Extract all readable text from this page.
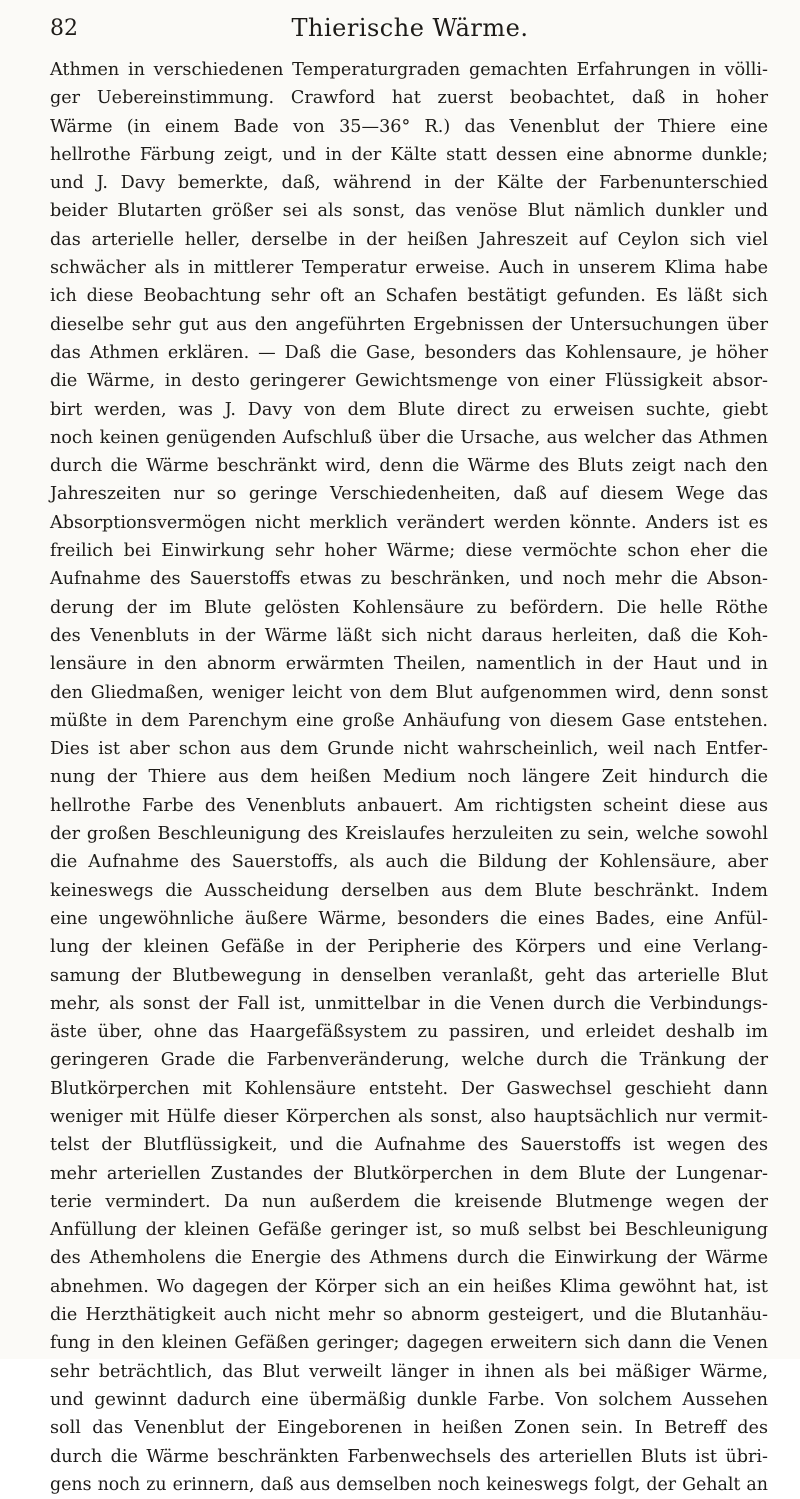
82	Thierische Wärme.
Athmen in verschiedenen Temperaturgraden gemachten Erfahrungen in völli-
ger Uebereinstimmung. Crawford hat zuerst beobachtet, daß in hoher
Wärme (in einem Bade von 35—36° R.) das Venenblut der Thiere eine
hellrothe Färbung zeigt, und in der Kälte statt dessen eine abnorme dunkle;
und J. Davy bemerkte, daß, während in der Kälte der Farbenunterschied
beider Blutarten größer sei als sonst, das venöse Blut nämlich dunkler und
das arterielle heller, derselbe in der heißen Jahreszeit auf Ceylon sich viel
schwächer als in mittlerer Temperatur erweise. Auch in unserem Klima habe
ich diese Beobachtung sehr oft an Schafen bestätigt gefunden. Es läßt sich
dieselbe sehr gut aus den angeführten Ergebnissen der Untersuchungen über
das Athmen erklären. — Daß die Gase, besonders das Kohlensaure, je höher
die Wärme, in desto geringerer Gewichtsmenge von einer Flüssigkeit absor-
birt werden, was J. Davy von dem Blute direct zu erweisen suchte, giebt
noch keinen genügenden Aufschluß über die Ursache, aus welcher das Athmen
durch die Wärme beschränkt wird, denn die Wärme des Bluts zeigt nach den
Jahreszeiten nur so geringe Verschiedenheiten, daß auf diesem Wege das
Absorptionsvermögen nicht merklich verändert werden könnte. Anders ist es
freilich bei Einwirkung sehr hoher Wärme; diese vermöchte schon eher die
Aufnahme des Sauerstoffs etwas zu beschränken, und noch mehr die Abson-
derung der im Blute gelösten Kohlensäure zu befördern. Die helle Röthe
des Venenbluts in der Wärme läßt sich nicht daraus herleiten, daß die Koh-
lensäure in den abnorm erwärmten Theilen, namentlich in der Haut und in
den Gliedmaßen, weniger leicht von dem Blut aufgenommen wird, denn sonst
müßte in dem Parenchym eine große Anhäufung von diesem Gase entstehen.
Dies ist aber schon aus dem Grunde nicht wahrscheinlich, weil nach Entfer-
nung der Thiere aus dem heißen Medium noch längere Zeit hindurch die
hellrothe Farbe des Venenbluts anbauert. Am richtigsten scheint diese aus
der großen Beschleunigung des Kreislaufes herzuleiten zu sein, welche sowohl
die Aufnahme des Sauerstoffs, als auch die Bildung der Kohlensäure, aber
keineswegs die Ausscheidung derselben aus dem Blute beschränkt. Indem
eine ungewöhnliche äußere Wärme, besonders die eines Bades, eine Anfül-
lung der kleinen Gefäße in der Peripherie des Körpers und eine Verlang-
samung der Blutbewegung in denselben veranlaßt, geht das arterielle Blut
mehr, als sonst der Fall ist, unmittelbar in die Venen durch die Verbindungs-
äste über, ohne das Haargefäßsystem zu passiren, und erleidet deshalb im
geringeren Grade die Farbenveränderung, welche durch die Tränkung der
Blutkörperchen mit Kohlensäure entsteht. Der Gaswechsel geschieht dann
weniger mit Hülfe dieser Körperchen als sonst, also hauptsächlich nur vermit-
telst der Blutflüssigkeit, und die Aufnahme des Sauerstoffs ist wegen des
mehr arteriellen Zustandes der Blutkörperchen in dem Blute der Lungenar-
terie vermindert. Da nun außerdem die kreisende Blutmenge wegen der
Anfüllung der kleinen Gefäße geringer ist, so muß selbst bei Beschleunigung
des Athemholens die Energie des Athmens durch die Einwirkung der Wärme
abnehmen. Wo dagegen der Körper sich an ein heißes Klima gewöhnt hat, ist
die Herzthätigkeit auch nicht mehr so abnorm gesteigert, und die Blutanhäu-
fung in den kleinen Gefäßen geringer; dagegen erweitern sich dann die Venen
sehr beträchtlich, das Blut verweilt länger in ihnen als bei mäßiger Wärme,
und gewinnt dadurch eine übermäßig dunkle Farbe. Von solchem Aussehen
soll das Venenblut der Eingeborenen in heißen Zonen sein. In Betreff des
durch die Wärme beschränkten Farbenwechsels des arteriellen Bluts ist übri-
gens noch zu erinnern, daß aus demselben noch keineswegs folgt, der Gehalt an
